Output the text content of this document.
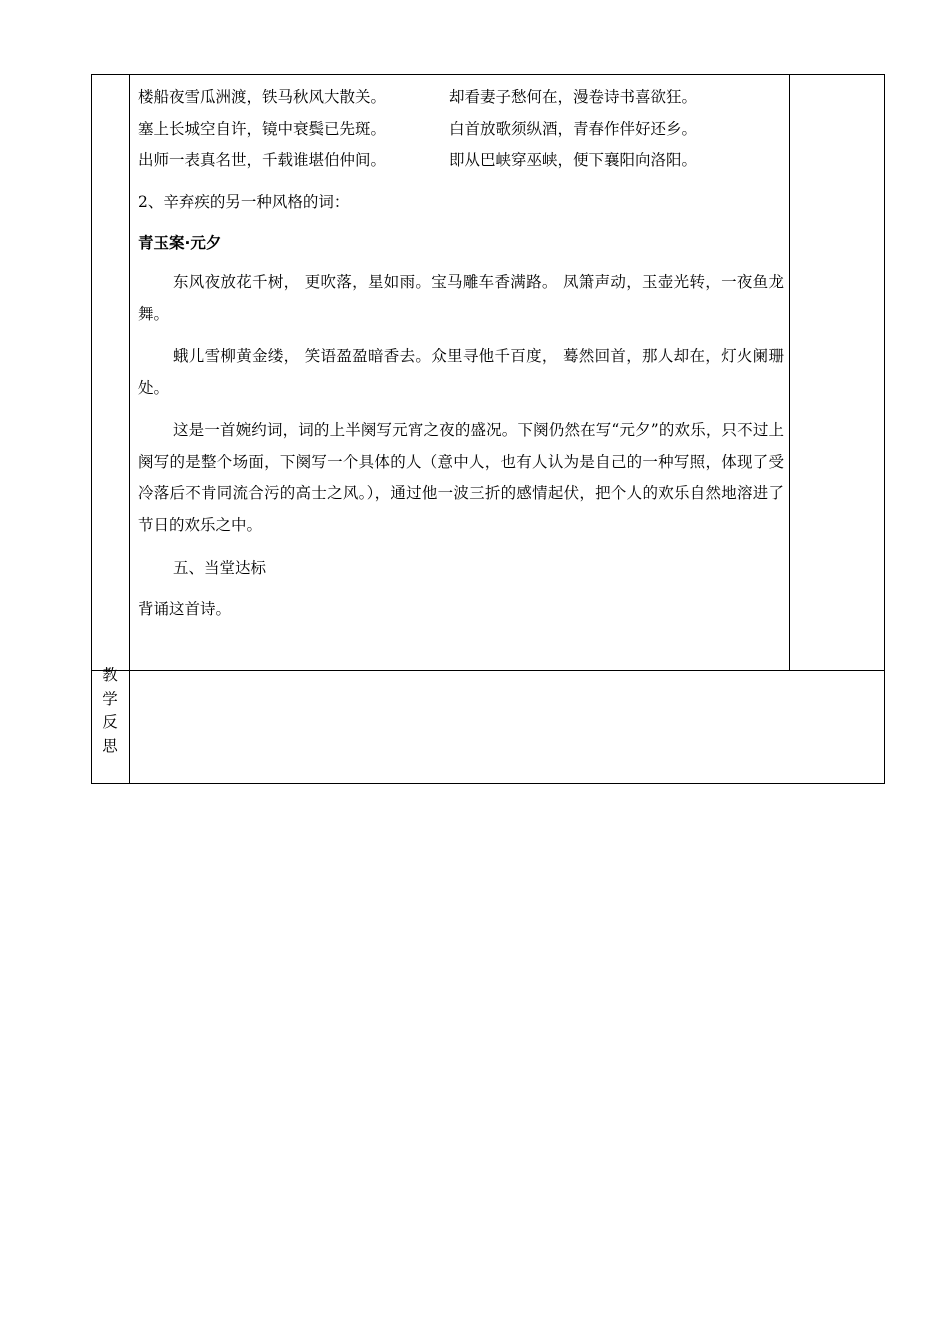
楼船夜雪瓜洲渡，铁马秋风大散关。	却看妻子愁何在，漫卷诗书喜欲狂。
塞上长城空自许，镜中衰鬓已先斑。	白首放歌须纵酒，青春作伴好还乡。
出师一表真名世，千载谁堪伯仲间。	即从巴峡穿巫峡，便下襄阳向洛阳。
2、辛弃疾的另一种风格的词：
青玉案·元夕
东风夜放花千树， 更吹落，星如雨。宝马雕车香满路。 凤箫声动，玉壶光转，一夜鱼龙舞。
蛾儿雪柳黄金缕， 笑语盈盈暗香去。众里寻他千百度， 蓦然回首，那人却在，灯火阑珊处。
这是一首婉约词，词的上半阕写元宵之夜的盛况。下阕仍然在写“元夕”的欢乐，只不过上阕写的是整个场面，下阕写一个具体的人（意中人，也有人认为是自己的一种写照，体现了受冷落后不肯同流合污的高士之风。），通过他一波三折的感情起伏，把个人的欢乐自然地溶进了节日的欢乐之中。
五、当堂达标
背诵这首诗。
教
学
反
思
